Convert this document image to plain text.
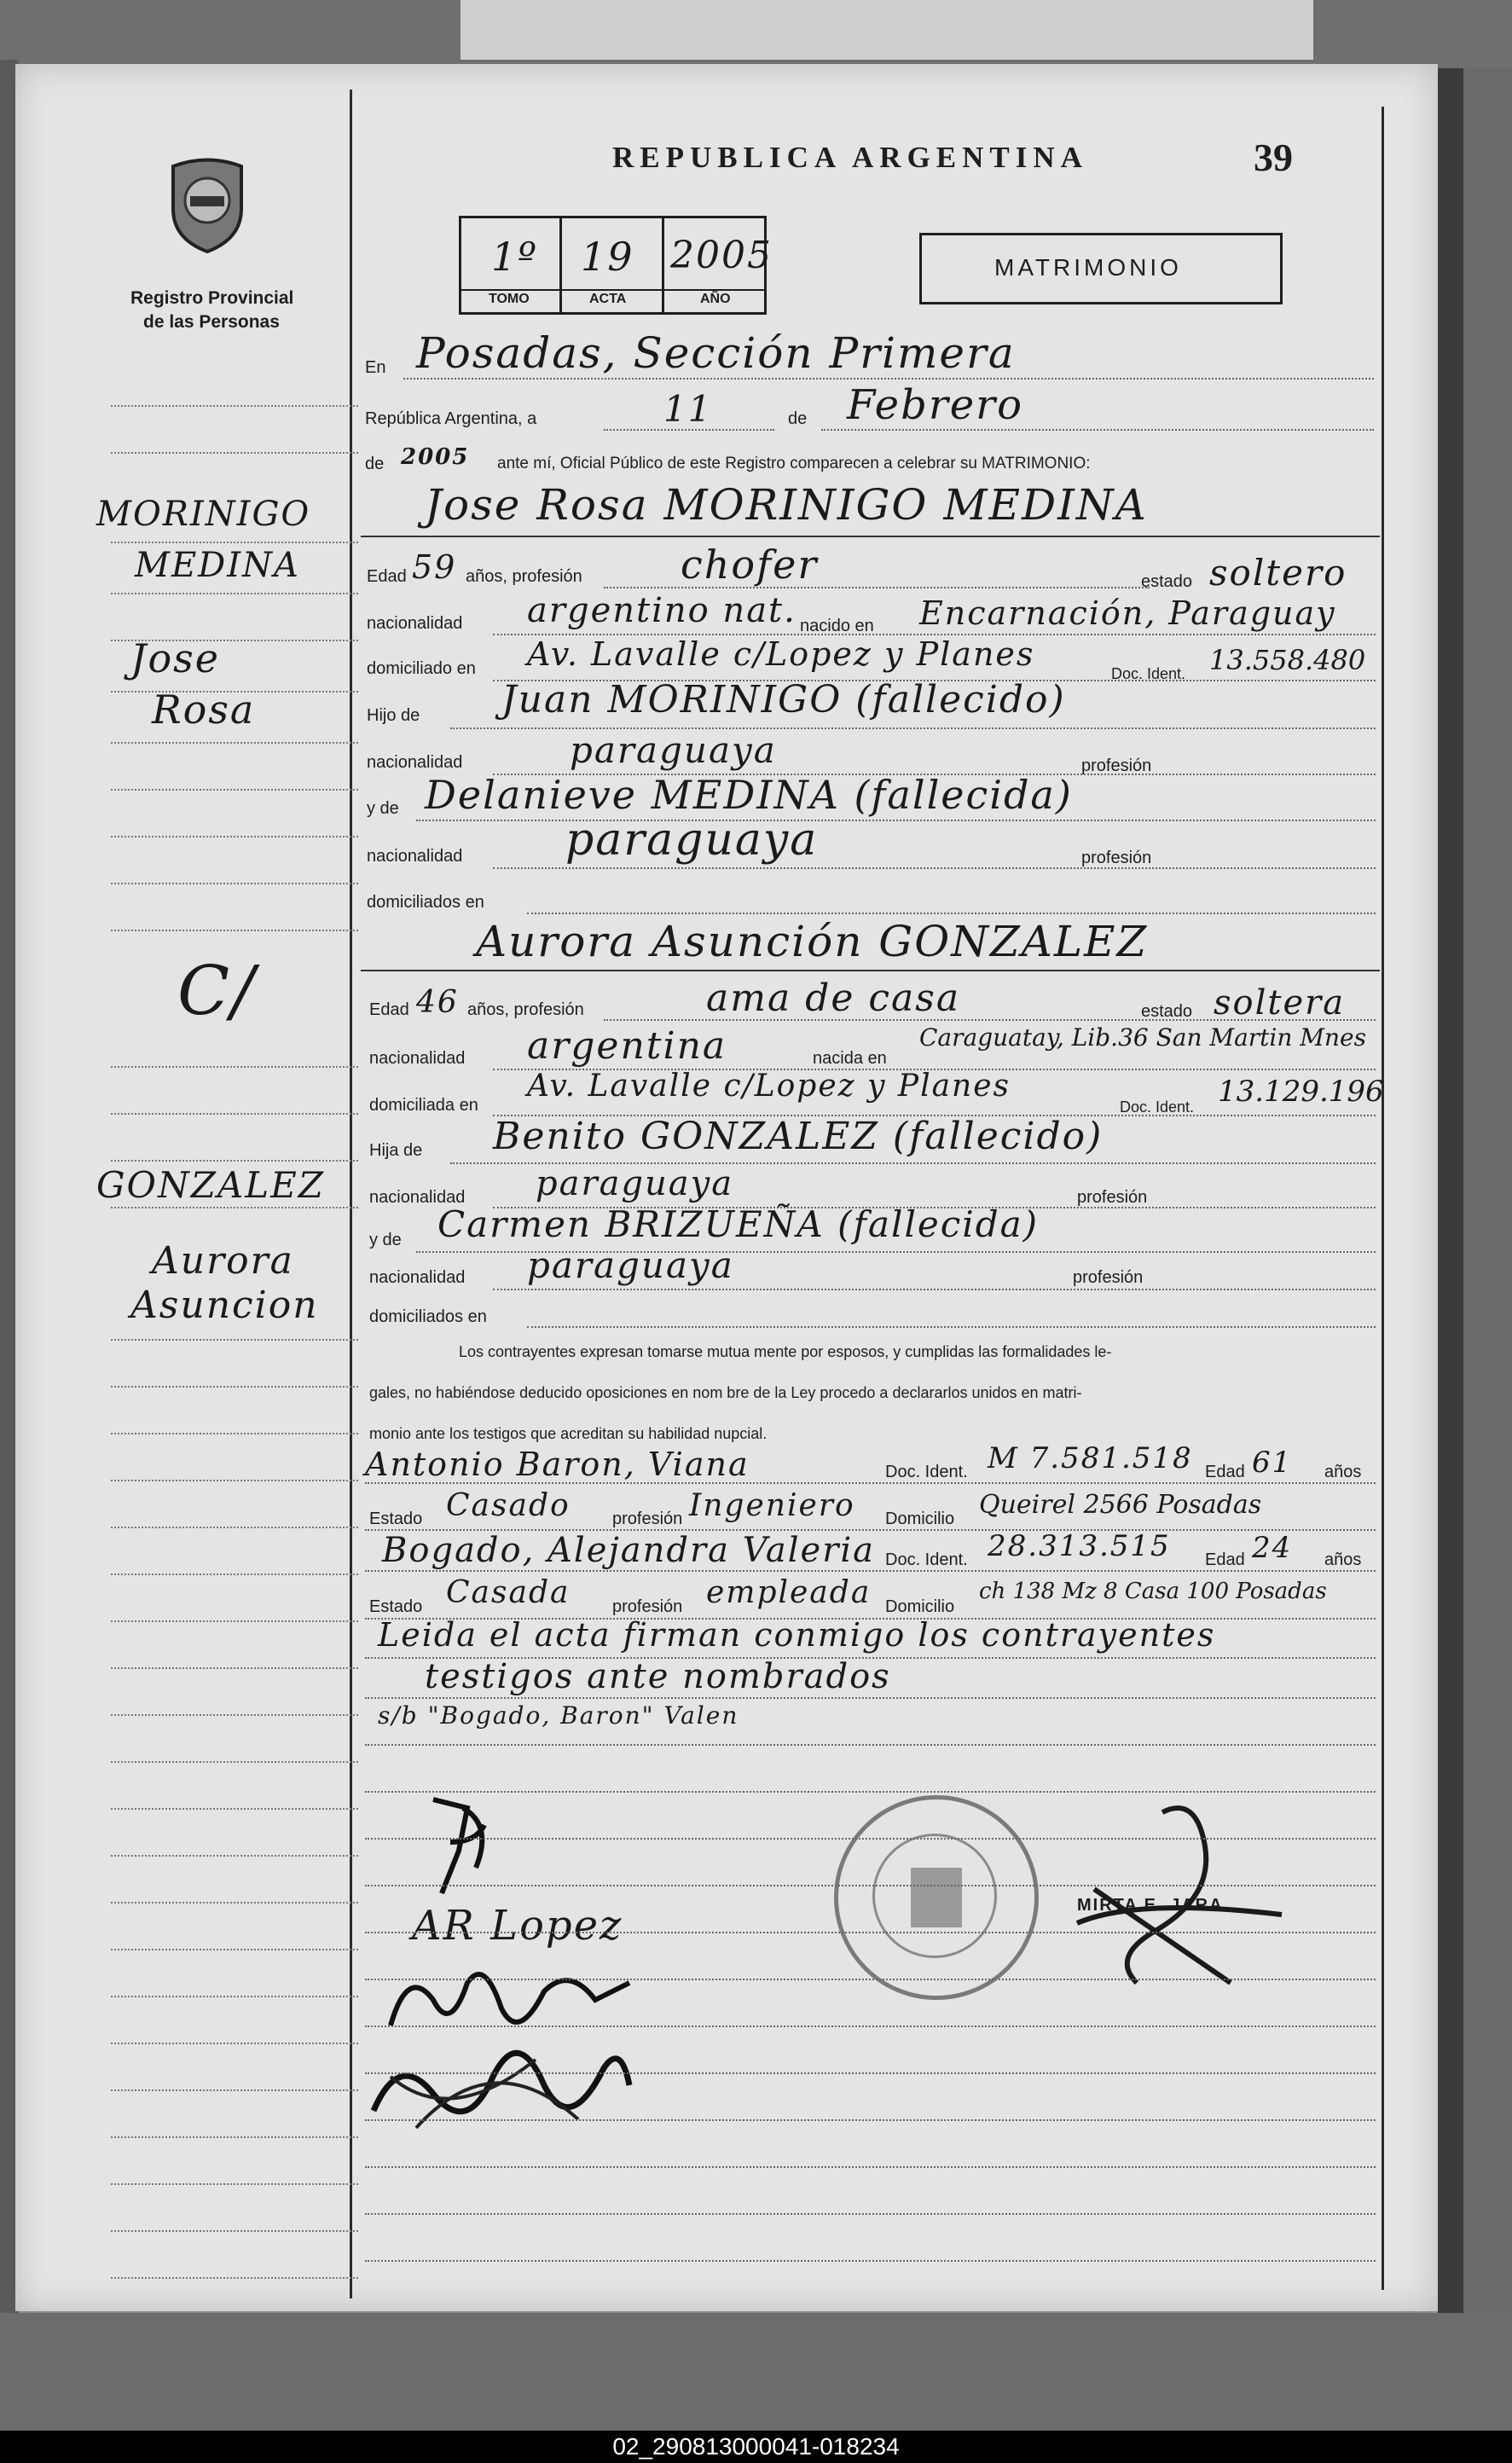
Registro Provincial
de las Personas
REPUBLICA ARGENTINA	39
1º 19 2005
TOMO	ACTA	AÑO
MATRIMONIO
En Posadas, Sección Primera
República Argentina, a	11	de Febrero
de 2005 ante mí, Oficial Público de este Registro comparecen a celebrar su MATRIMONIO:
Jose Rosa MORINIGO MEDINA
MORINIGO
MEDINA
Jose
Rosa
C/
GONZALEZ
Aurora
Asuncion
Edad 59 años, profesión	chofer	estado soltero
nacionalidad argentino nat. nacido en Encarnación, Paraguay
domiciliado en Av. Lavalle c/Lopez y Planes
Doc. Ident. 13.558.480
Hijo de Juan MORINIGO (fallecido)
nacionalidad	paraguaya	profesión
y de Delanieve MEDINA (fallecida)
nacionalidad paraguaya	profesión
domiciliados en
Aurora Asunción GONZALEZ
Edad 46 años, profesión	ama de casa	estado soltera
nacionalidad argentina	nacida en
Caraguatay, Lib.36 San Martin Mnes
domiciliada en
Av. Lavalle c/Lopez y Planes
Doc. Ident. 13.129.196
Hija de Benito GONZALEZ (fallecido)
nacionalidad paraguaya	profesión
y de Carmen BRIZUEÑA (fallecida)
nacionalidad paraguaya	profesión
domiciliados en
Los contrayentes expresan tomarse mutua mente por esposos, y cumplidas las formalidades le-
gales, no habiéndose deducido oposiciones en nom bre de la Ley procedo a declararlos unidos en matri-
monio ante los testigos que acreditan su habilidad nupcial.
Antonio Baron, Viana	Doc. Ident. M 7.581.518 Edad 61 años
Estado Casado profesión Ingeniero Domicilio Queirel 2566 Posadas
Bogado, Alejandra Valeria Doc. Ident. 28.313.515 Edad 24 años
Estado Casada profesión empleada Domicilio
ch 138 Mz 8 Casa 100 Posadas
Leida el acta firman conmigo los contrayentes
testigos ante nombrados
s/b "Bogado, Baron" Valen
AR Lopez	MIRTA E. JARA
02_290813000041-018234
